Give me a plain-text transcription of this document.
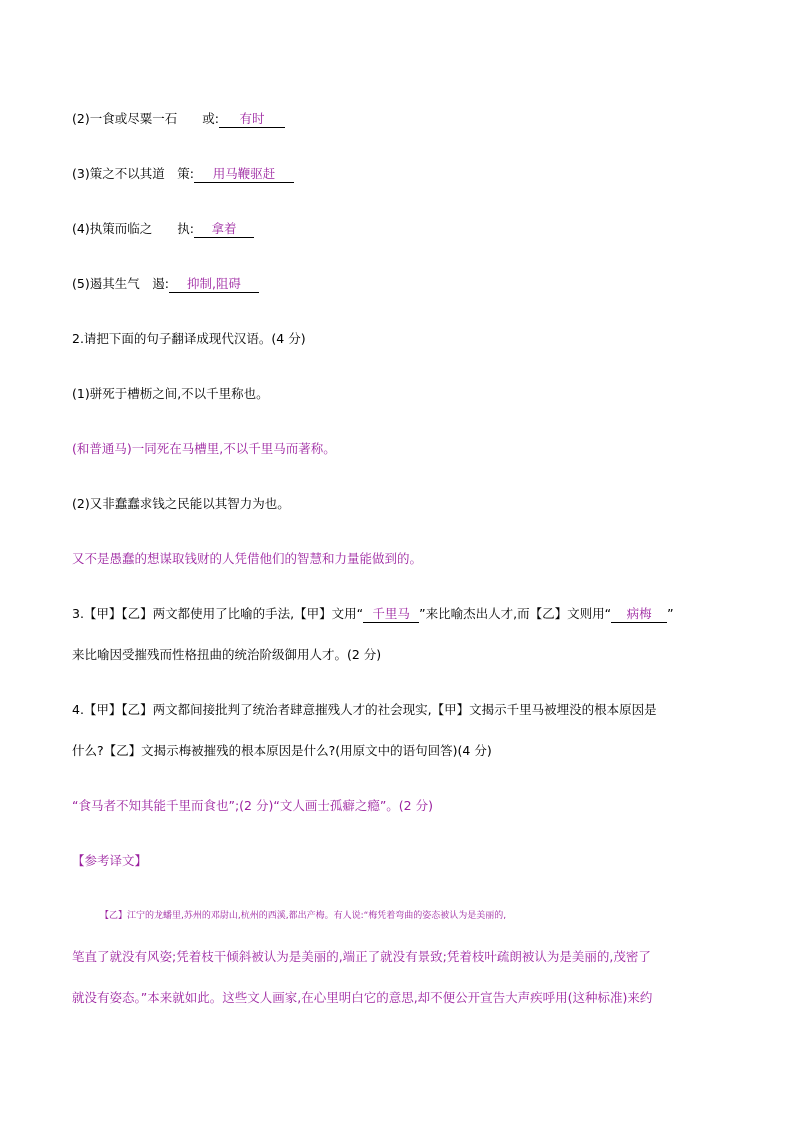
(2)一食或尽粟一石　　 或: 有时
(3)策之不以其道　 策: 用马鞭驱赶
(4)执策而临之　　 执: 拿着
(5)遏其生气　 遏: 抑制,阻碍
2.请把下面的句子翻译成现代汉语。(4 分)
(1)骈死于槽枥之间,不以千里称也。
(和普通马)一同死在马槽里,不以千里马而著称。
(2)又非蠢蠢求钱之民能以其智力为也。
又不是愚蠢的想谋取钱财的人凭借他们的智慧和力量能做到的。
3.【甲】【乙】两文都使用了比喻的手法,【甲】文用“ 千里马 ”来比喻杰出人才,而【乙】文则用“ 病梅 ”
来比喻因受摧残而性格扭曲的统治阶级御用人才。(2 分)
4.【甲】【乙】两文都间接批判了统治者肆意摧残人才的社会现实,【甲】文揭示千里马被埋没的根本原因是
什么?【乙】文揭示梅被摧残的根本原因是什么?(用原文中的语句回答)(4 分)
“食马者不知其能千里而食也”;(2 分)“文人画士孤癖之瘾”。(2 分)
【参考译文】
【乙】江宁的龙蟠里,苏州的邓尉山,杭州的西溪,都出产梅。有人说:“梅凭着弯曲的姿态被认为是美丽的,
笔直了就没有风姿;凭着枝干倾斜被认为是美丽的,端正了就没有景致;凭着枝叶疏朗被认为是美丽的,茂密了
就没有姿态。”本来就如此。这些文人画家,在心里明白它的意思,却不便公开宣告大声疾呼用(这种标准)来约
